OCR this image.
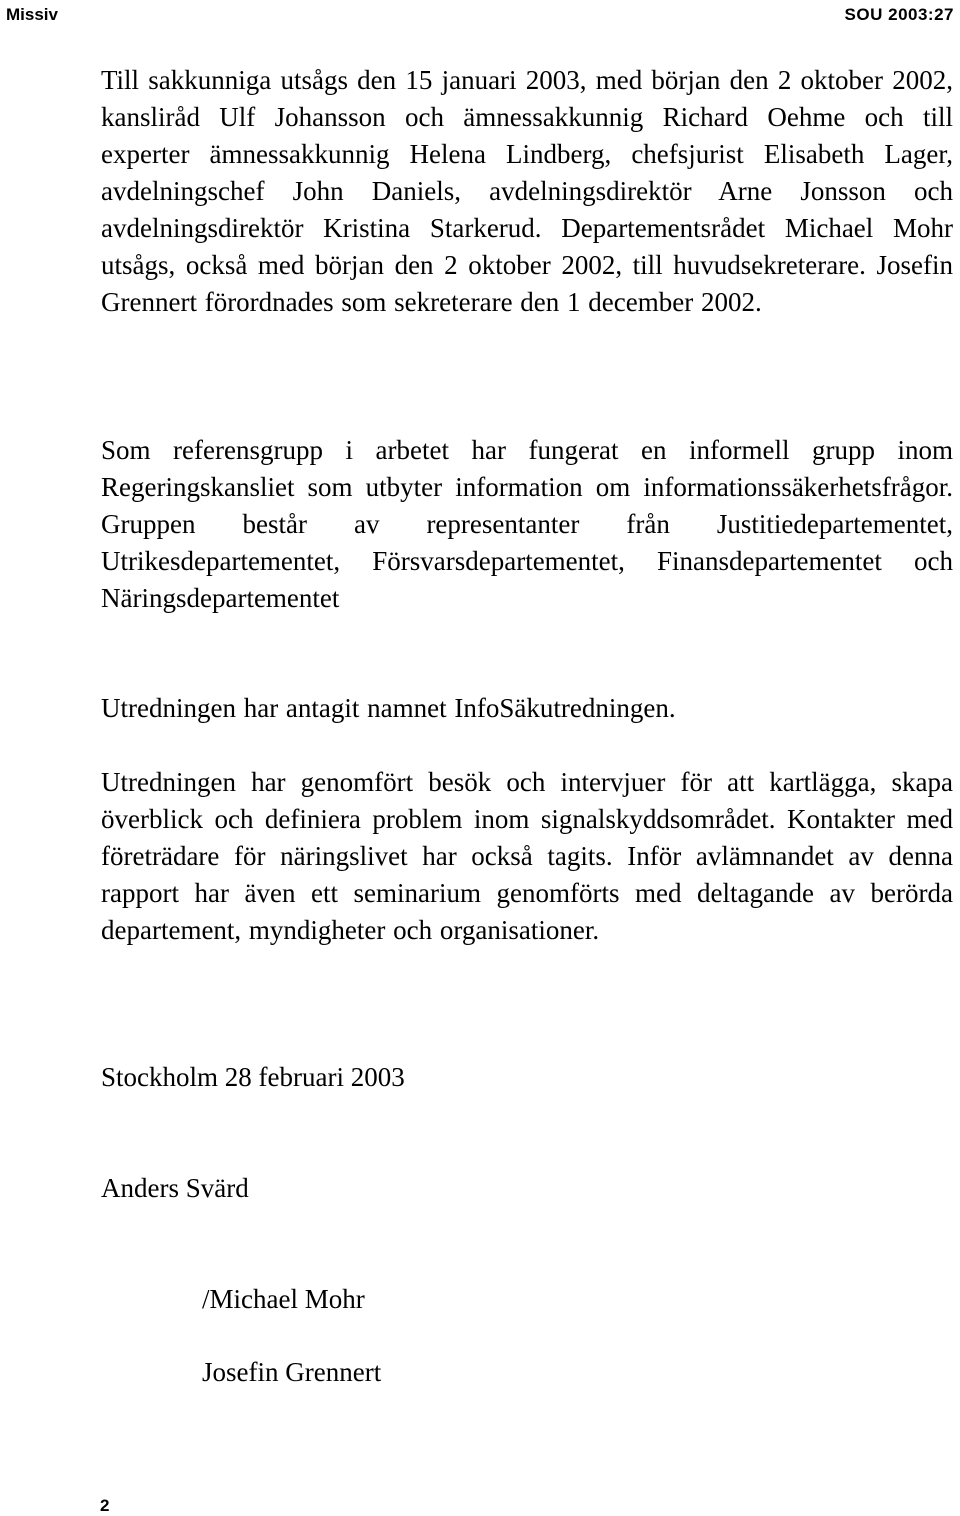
Missiv	SOU 2003:27

Till sakkunniga utsågs den 15 januari 2003, med början den 2 oktober 2002, kansliråd Ulf Johansson och ämnessakkunnig Richard Oehme och till experter ämnessakkunnig Helena Lindberg, chefsjurist Elisabeth Lager, avdelningschef John Daniels, avdelningsdirektör Arne Jonsson och avdelningsdirektör Kristina Starkerud. Departementsrådet Michael Mohr utsågs, också med början den 2 oktober 2002, till huvudsekreterare. Josefin Grennert förordnades som sekreterare den 1 december 2002.

Som referensgrupp i arbetet har fungerat en informell grupp inom Regeringskansliet som utbyter information om informationssäkerhetsfrågor. Gruppen består av representanter från Justitiedepartementet, Utrikesdepartementet, Försvarsdepartementet, Finansdepartementet och Näringsdepartementet

Utredningen har antagit namnet InfoSäkutredningen.

Utredningen har genomfört besök och intervjuer för att kartlägga, skapa överblick och definiera problem inom signalskyddsområdet. Kontakter med företrädare för näringslivet har också tagits. Inför avlämnandet av denna rapport har även ett seminarium genomförts med deltagande av berörda departement, myndigheter och organisationer.

Stockholm 28 februari 2003
Anders Svärd
/Michael Mohr
Josefin Grennert
2
